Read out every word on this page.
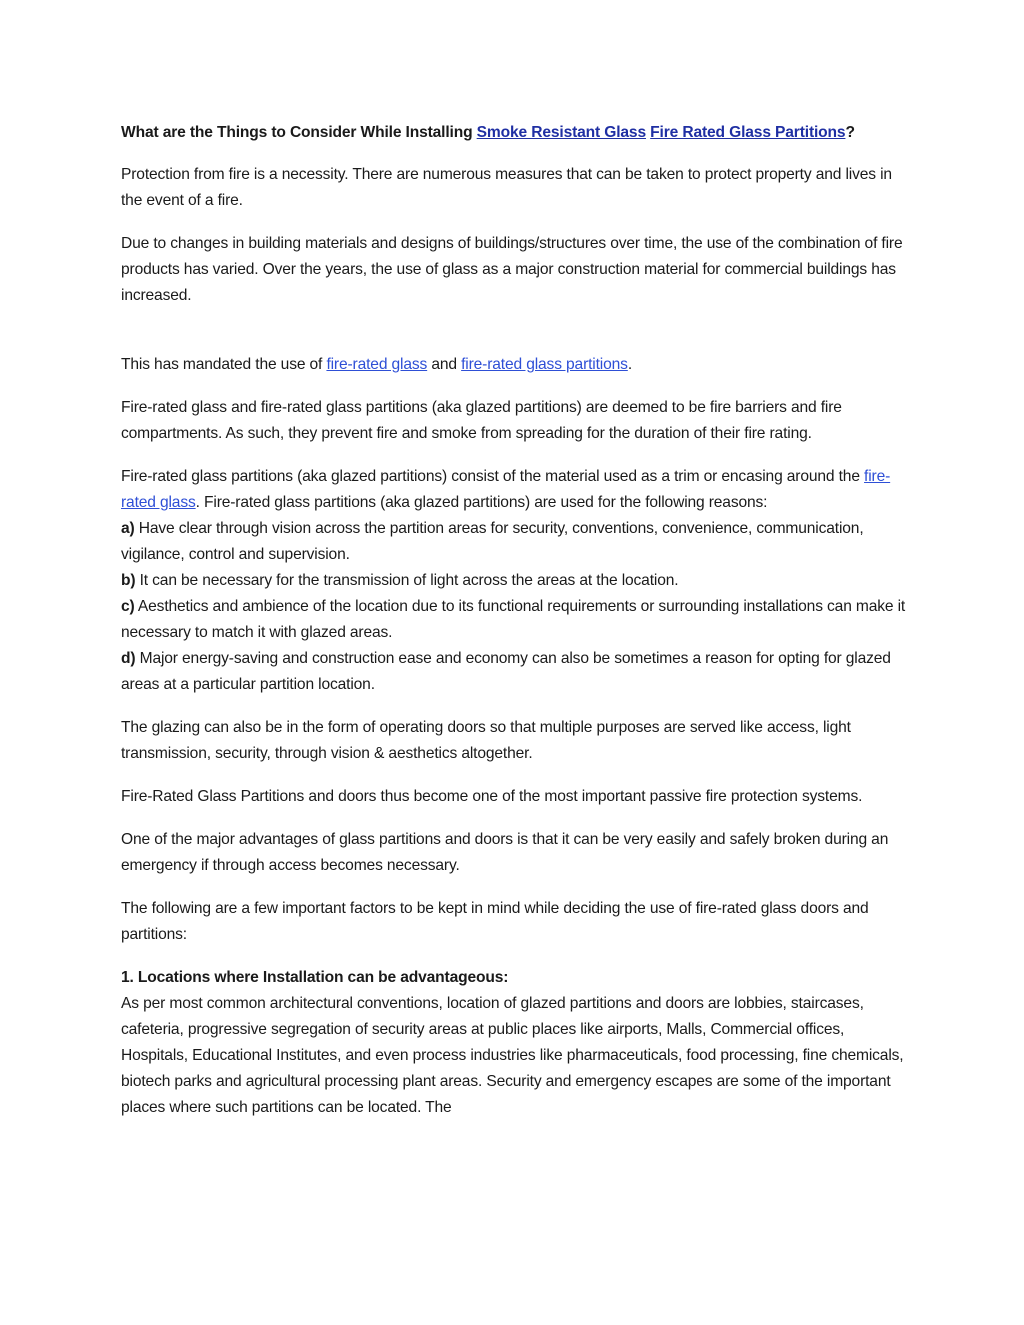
What are the Things to Consider While Installing Smoke Resistant Glass Fire Rated Glass Partitions?

Protection from fire is a necessity. There are numerous measures that can be taken to protect property and lives in the event of a fire.

Due to changes in building materials and designs of buildings/structures over time, the use of the combination of fire products has varied. Over the years, the use of glass as a major construction material for commercial buildings has increased.

This has mandated the use of fire-rated glass and fire-rated glass partitions.

Fire-rated glass and fire-rated glass partitions (aka glazed partitions) are deemed to be fire barriers and fire compartments. As such, they prevent fire and smoke from spreading for the duration of their fire rating.

Fire-rated glass partitions (aka glazed partitions) consist of the material used as a trim or encasing around the fire-rated glass. Fire-rated glass partitions (aka glazed partitions) are used for the following reasons:
a) Have clear through vision across the partition areas for security, conventions, convenience, communication, vigilance, control and supervision.
b) It can be necessary for the transmission of light across the areas at the location.
c) Aesthetics and ambience of the location due to its functional requirements or surrounding installations can make it necessary to match it with glazed areas.
d) Major energy-saving and construction ease and economy can also be sometimes a reason for opting for glazed areas at a particular partition location.

The glazing can also be in the form of operating doors so that multiple purposes are served like access, light transmission, security, through vision & aesthetics altogether.

Fire-Rated Glass Partitions and doors thus become one of the most important passive fire protection systems.

One of the major advantages of glass partitions and doors is that it can be very easily and safely broken during an emergency if through access becomes necessary.

The following are a few important factors to be kept in mind while deciding the use of fire-rated glass doors and partitions:

1. Locations where Installation can be advantageous:
As per most common architectural conventions, location of glazed partitions and doors are lobbies, staircases, cafeteria, progressive segregation of security areas at public places like airports, Malls, Commercial offices, Hospitals, Educational Institutes, and even process industries like pharmaceuticals, food processing, fine chemicals, biotech parks and agricultural processing plant areas. Security and emergency escapes are some of the important places where such partitions can be located. The
